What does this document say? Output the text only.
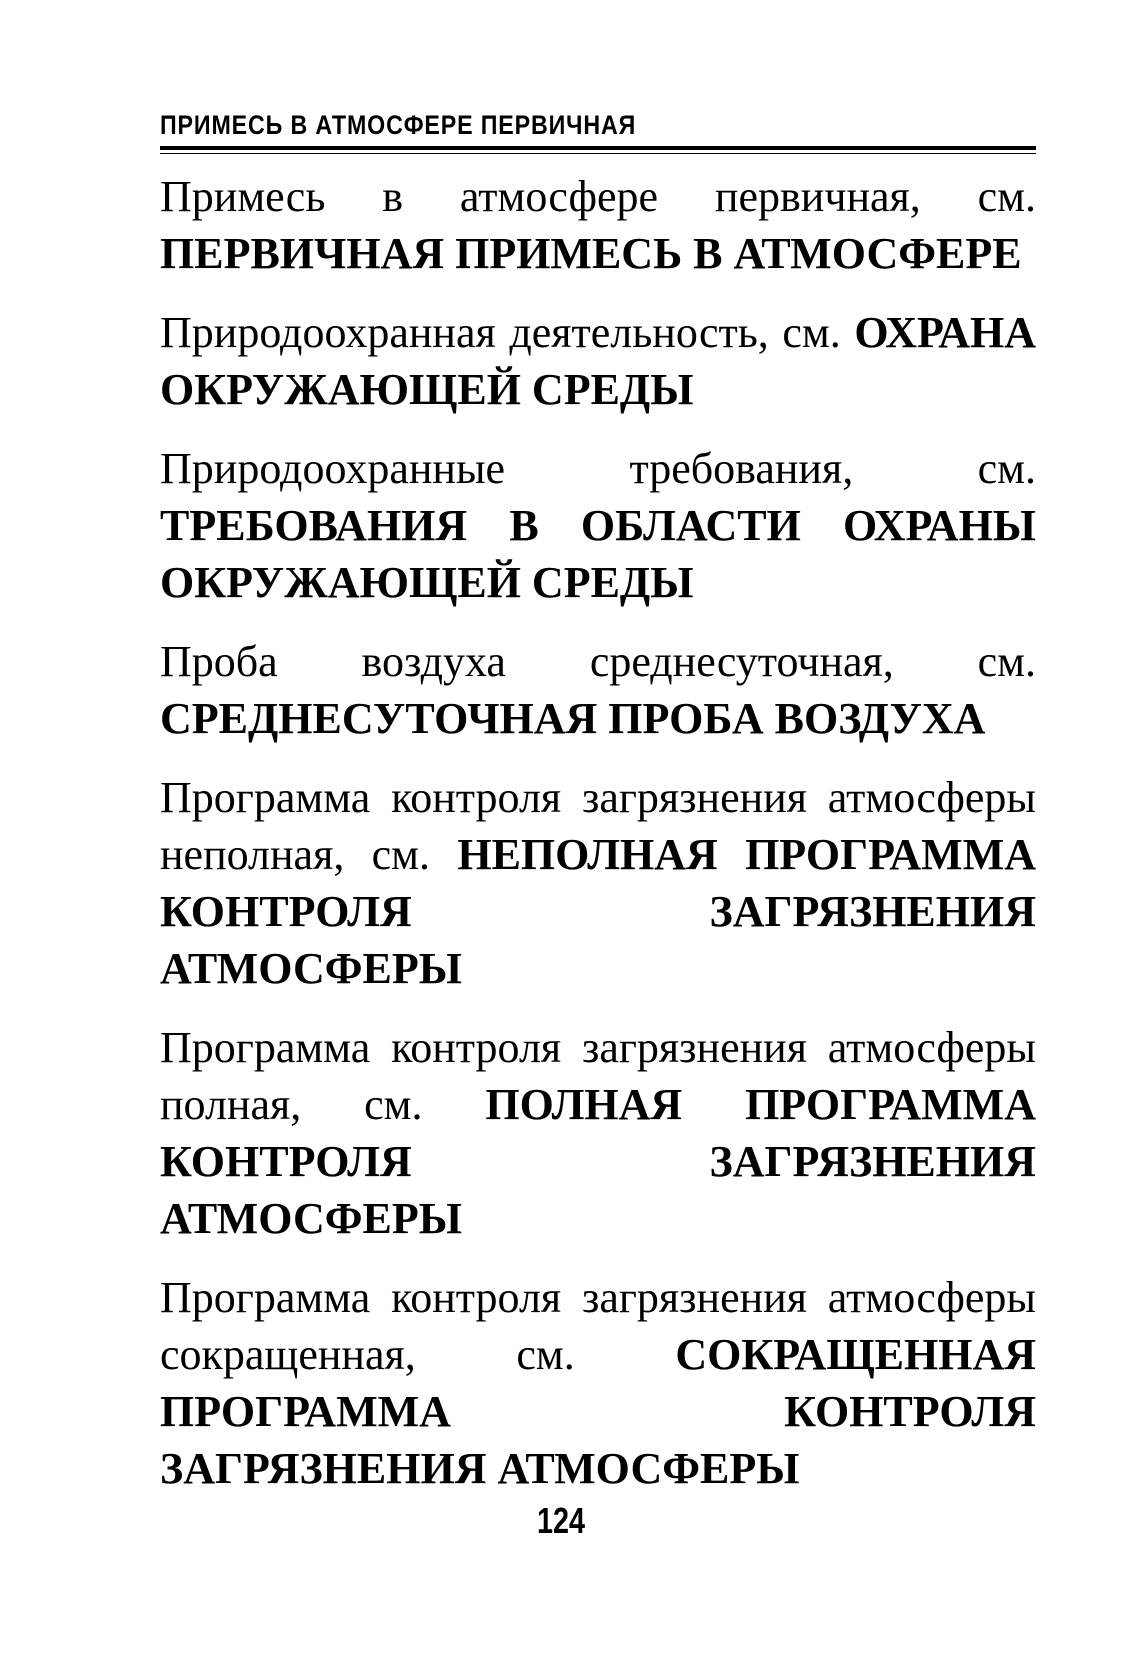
ПРИМЕСЬ В АТМОСФЕРЕ ПЕРВИЧНАЯ

Примесь в атмосфере первичная, см. ПЕРВИЧНАЯ ПРИМЕСЬ В АТМОСФЕРЕ

Природоохранная деятельность, см. ОХРАНА ОКРУЖАЮЩЕЙ СРЕДЫ

Природоохранные требования, см. ТРЕБОВАНИЯ В ОБЛАСТИ ОХРАНЫ ОКРУЖАЮЩЕЙ СРЕДЫ

Проба воздуха среднесуточная, см. СРЕДНЕСУТОЧНАЯ ПРОБА ВОЗДУХА

Программа контроля загрязнения атмосферы неполная, см. НЕПОЛНАЯ ПРОГРАММА КОНТРОЛЯ ЗАГРЯЗНЕНИЯ АТМОСФЕРЫ

Программа контроля загрязнения атмосферы полная, см. ПОЛНАЯ ПРОГРАММА КОНТРОЛЯ ЗАГРЯЗНЕНИЯ АТМОСФЕРЫ

Программа контроля загрязнения атмосферы сокращенная, см. СОКРАЩЕННАЯ ПРОГРАММА КОНТРОЛЯ ЗАГРЯЗНЕНИЯ АТМОСФЕРЫ

124
